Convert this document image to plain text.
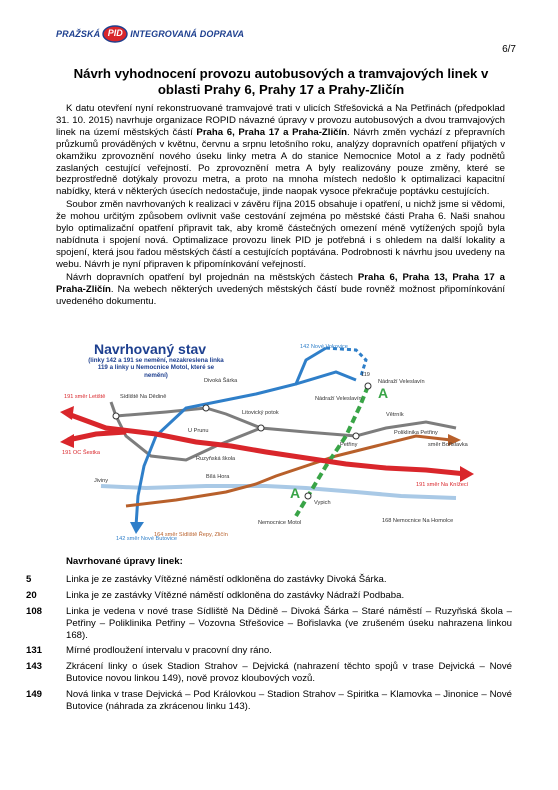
PRAŽSKÁ PID INTEGROVANÁ DOPRAVA
6/7
Návrh vyhodnocení provozu autobusových a tramvajových linek v oblasti Prahy 6, Prahy 17 a Prahy-Zličín

K datu otevření nyní rekonstruované tramvajové trati v ulicích Střešovická a Na Petřinách (předpoklad 31. 10. 2015) navrhuje organizace ROPID návazné úpravy v provozu autobusových a dvou tramvajových linek na území městských částí Praha 6, Praha 17 a Praha-Zličín. Návrh změn vychází z přepravních průzkumů prováděných v květnu, červnu a srpnu letošního roku, analýzy dopravních opatření přijatých v okamžiku zprovoznění nového úseku linky metra A do stanice Nemocnice Motol a z řady podnětů zaslaných cestující veřejností. Po zprovoznění metra A byly realizovány pouze změny, které se bezprostředně dotýkaly provozu metra, a proto na mnoha místech nedošlo k optimalizaci kapacitní nabídky, která v některých úsecích nedostačuje, jinde naopak vysoce překračuje poptávku cestujících.

Soubor změn navrhovaných k realizaci v závěru října 2015 obsahuje i opatření, u nichž jsme si vědomi, že mohou určitým způsobem ovlivnit vaše cestování zejména po městské části Praha 6. Naši snahou bylo optimalizační opatření připravit tak, aby kromě částečných omezení méně vytížených spojů byla nabídnuta i spojení nová. Optimalizace provozu linek PID je potřebná i s ohledem na další lokality a spojení, která jsou řadou městských částí a cestujících poptávána. Podrobnosti k návrhu jsou uvedeny na webu. Návrh je nyní připraven k připomínkování veřejností.

Návrh dopravních opatření byl projednán na městských částech Praha 6, Praha 13, Praha 17 a Praha-Zličín. Na webech některých uvedených městských částí bude rovněž možnost připomínkování uvedeného dokumentu.

Navrhovaný stav
(linky 142 a 191 se nemění, nezakreslena linka 119 a linky u Nemocnice Motol, které se nemění)
142 Nové Vokovice
Divoká Šárka
Sídliště Na Dědině
119
Nádraží Veleslavín
Nádraží Veleslavín
191 směr Letiště
191 OC Šestka
U Prunu
Litovický potok
Ruzyňská škola
Jiviny
Bílá Hora
Větrník
Petřiny
Poliklinika Petřiny
směr Bořislavka
Vypich
Nemocnice Motol
191 směr Na Knížecí
168 Nemocnice Na Homolce
142 směr Nové Butovice
164 směr Sídliště Řepy, Zličín
A
A
Navrhované úpravy linek:
5	Linka je ze zastávky Vítězné náměstí odkloněna do zastávky Divoká Šárka.
20	Linka je ze zastávky Vítězné náměstí odkloněna do zastávky Nádraží Podbaba.
108	Linka je vedena v nové trase Sídliště Na Dědině – Divoká Šárka – Staré náměstí – Ruzyňská škola – Petřiny – Poliklinika Petřiny – Vozovna Střešovice – Bořislavka (ve zrušeném úseku nahrazena linkou 168).
131	Mírné prodloužení intervalu v pracovní dny ráno.
143	Zkrácení linky o úsek Stadion Strahov – Dejvická (nahrazení těchto spojů v trase Dejvická – Nové Butovice novou linkou 149), nově provoz kloubových vozů.
149	Nová linka v trase Dejvická – Pod Královkou – Stadion Strahov – Spiritka – Klamovka – Jinonice – Nové Butovice (náhrada za zkrácenou linku 143).
